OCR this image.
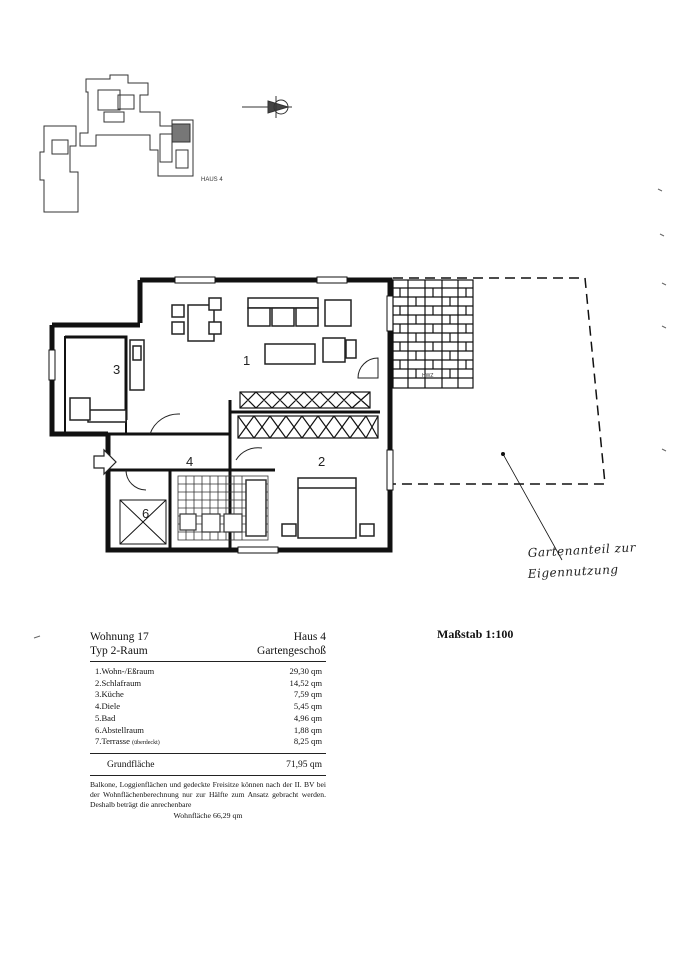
HAUS 4
HWZ
1
2
3
4
6
Gartenanteil zur
Eigennutzung
Wohnung 17	Haus 4
Typ 2-Raum	Gartengeschoß
1.Wohn-/Eßraum	29,30 qm
2.Schlafraum	14,52 qm
3.Küche	7,59 qm
4.Diele	5,45 qm
5.Bad	4,96 qm
6.Abstellraum	1,88 qm
7.Terrasse (überdeckt)	8,25 qm
Grundfläche	71,95 qm
Balkone, Loggienflächen und gedeckte Freisitze können nach der II. BV bei der Wohnflächenberechnung nur zur Hälfte zum Ansatz gebracht werden. Deshalb beträgt die anrechenbare
Wohnfläche 66,29 qm
Maßstab 1:100
